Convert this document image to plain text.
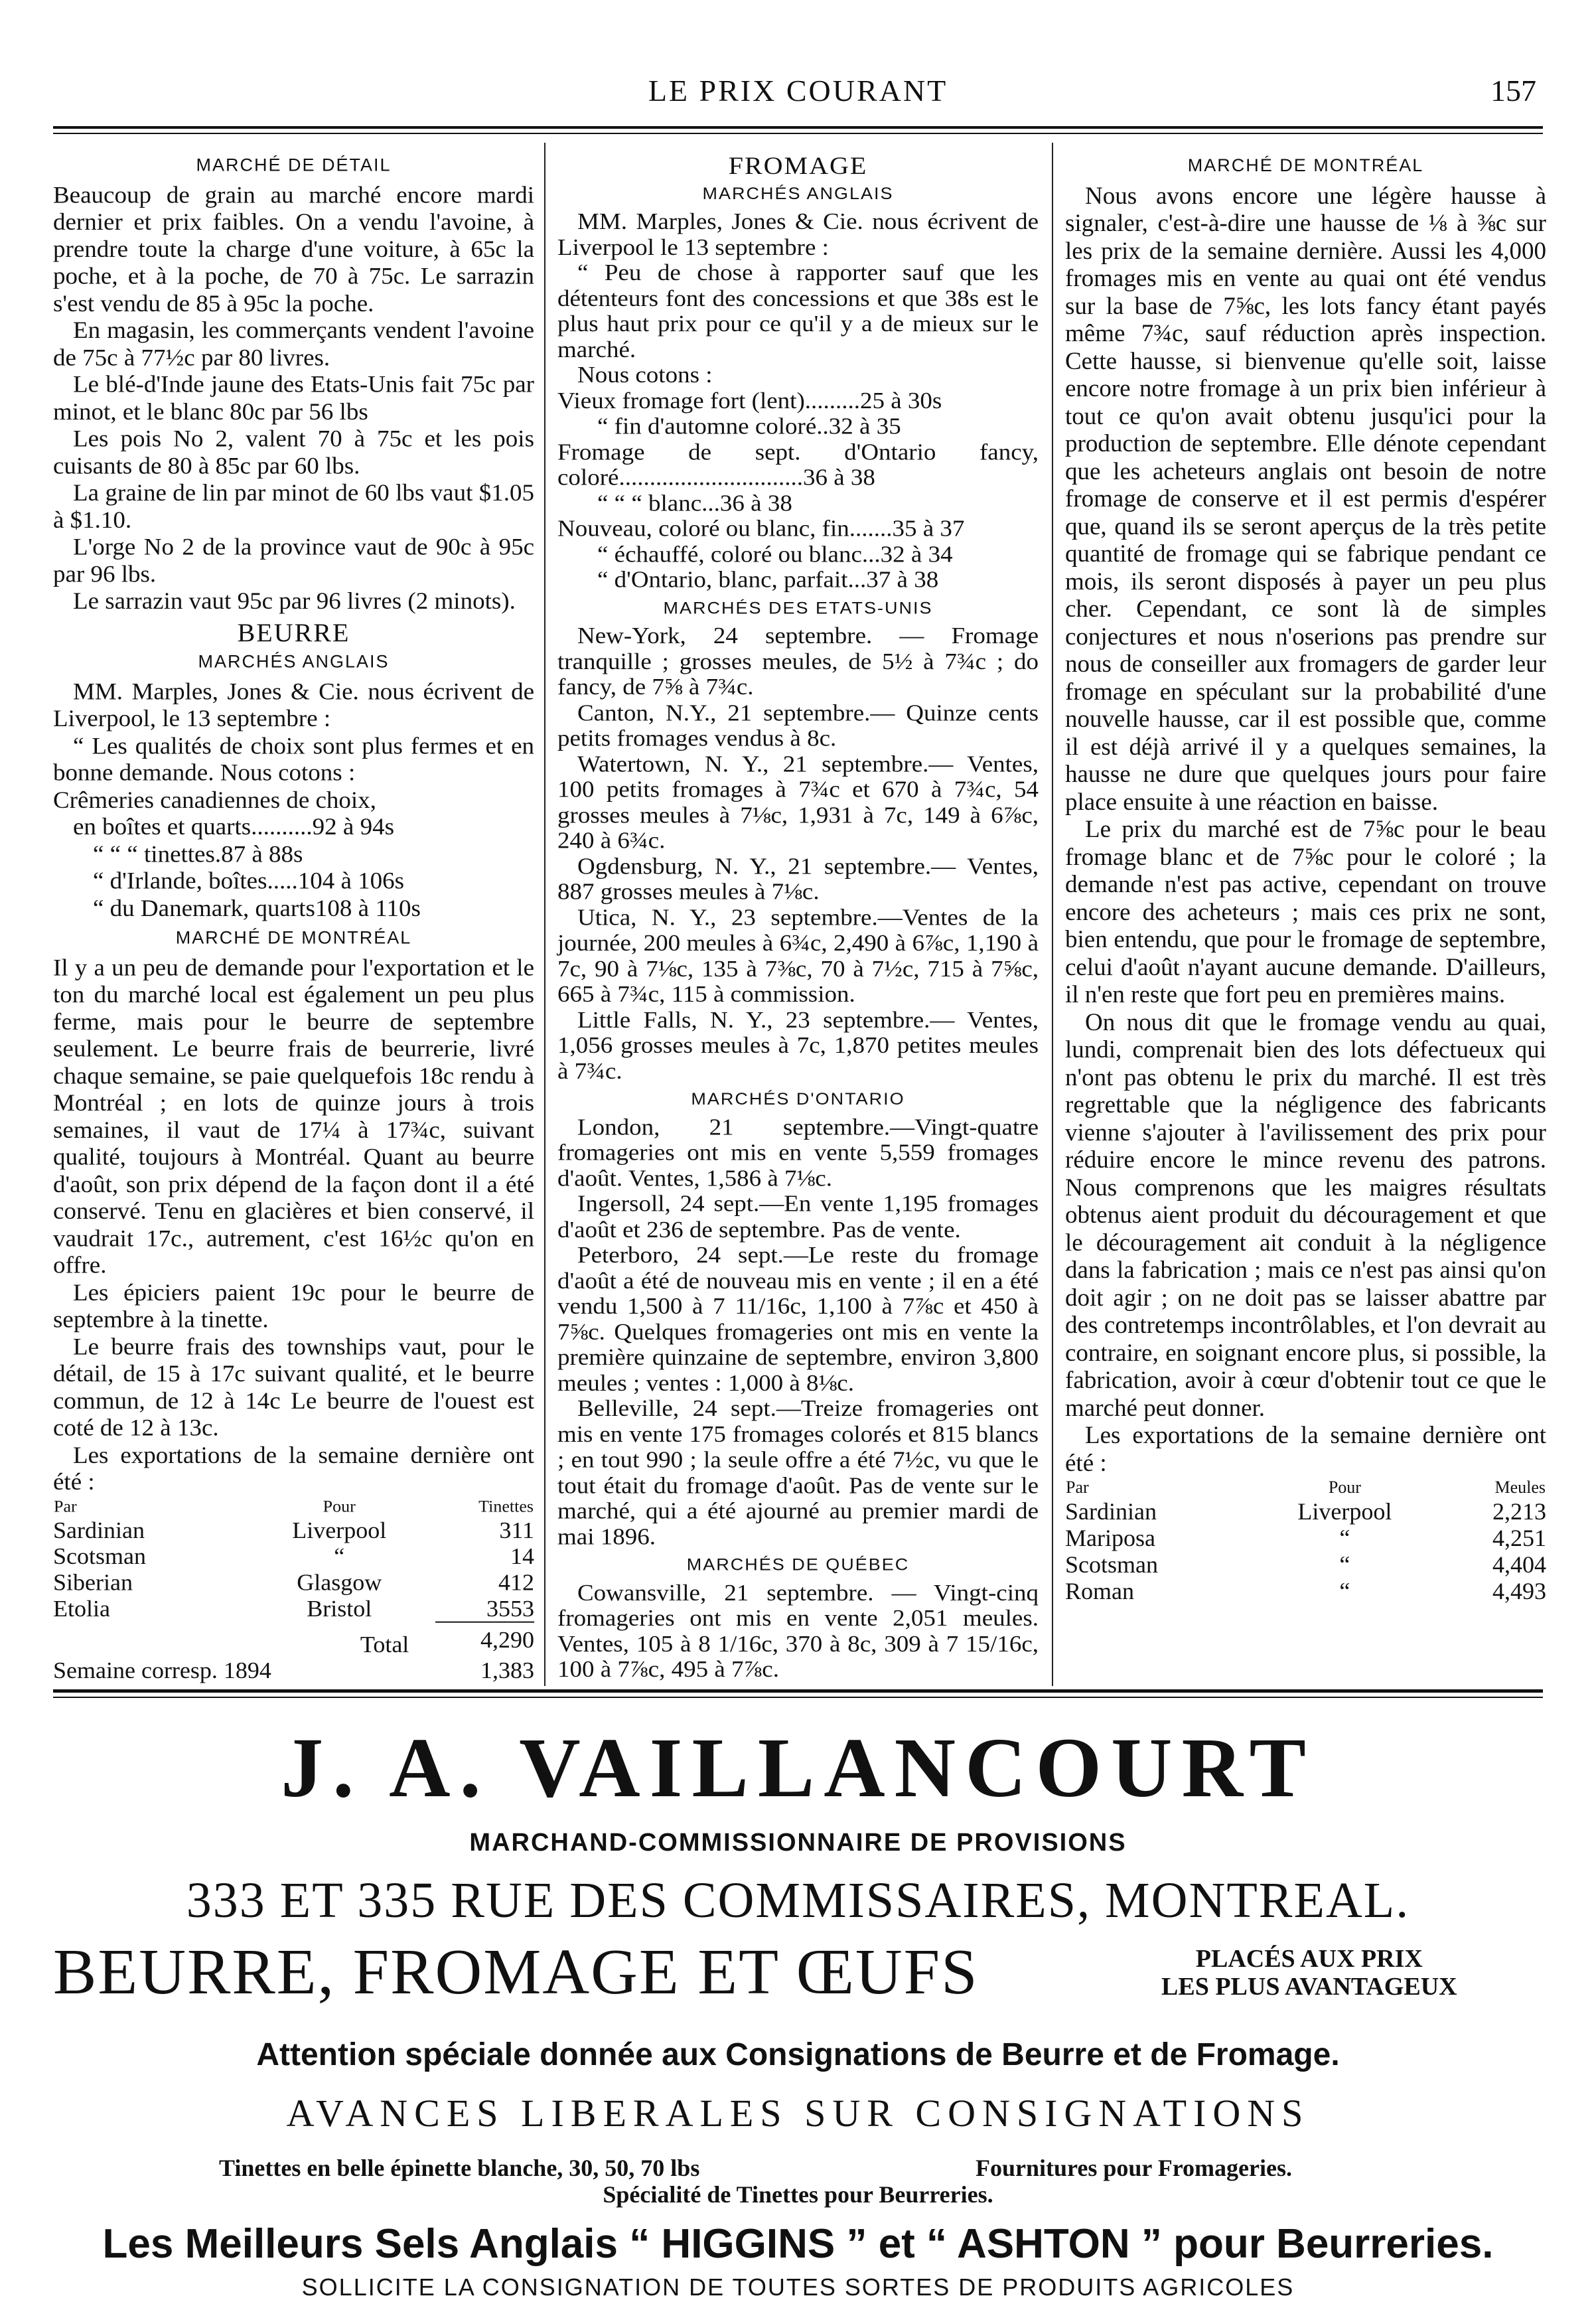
LE PRIX COURANT	157
MARCHÉ DE DÉTAIL

Beaucoup de grain au marché encore mardi dernier et prix faibles. On a vendu l'avoine, à prendre toute la charge d'une voiture, à 65c la poche, et à la poche, de 70 à 75c. Le sarrazin s'est vendu de 85 à 95c la poche.

En magasin, les commerçants vendent l'avoine de 75c à 77½c par 80 livres.

Le blé-d'Inde jaune des Etats-Unis fait 75c par minot, et le blanc 80c par 56 lbs

Les pois No 2, valent 70 à 75c et les pois cuisants de 80 à 85c par 60 lbs.

La graine de lin par minot de 60 lbs vaut $1.05 à $1.10.

L'orge No 2 de la province vaut de 90c à 95c par 96 lbs.

Le sarrazin vaut 95c par 96 livres (2 minots).

BEURRE
MARCHÉS ANGLAIS

MM. Marples, Jones & Cie. nous écrivent de Liverpool, le 13 septembre :

“ Les qualités de choix sont plus fermes et en bonne demande. Nous cotons :

Crêmeries canadiennes de choix,

en boîtes et quarts..........92 à 94s

“ “ “ tinettes.87 à 88s

“ d'Irlande, boîtes.....104 à 106s

“ du Danemark, quarts108 à 110s

MARCHÉ DE MONTRÉAL

Il y a un peu de demande pour l'exportation et le ton du marché local est également un peu plus ferme, mais pour le beurre de septembre seulement. Le beurre frais de beurrerie, livré chaque semaine, se paie quelquefois 18c rendu à Montréal ; en lots de quinze jours à trois semaines, il vaut de 17¼ à 17¾c, suivant qualité, toujours à Montréal. Quant au beurre d'août, son prix dépend de la façon dont il a été conservé. Tenu en glacières et bien conservé, il vaudrait 17c., autrement, c'est 16½c qu'on en offre.

Les épiciers paient 19c pour le beurre de septembre à la tinette.

Le beurre frais des townships vaut, pour le détail, de 15 à 17c suivant qualité, et le beurre commun, de 12 à 14c Le beurre de l'ouest est coté de 12 à 13c.

Les exportations de la semaine dernière ont été :

Par	Pour	Tinettes
Sardinian	Liverpool	311
Scotsman	“	14
Siberian	Glasgow	412
Etolia	Bristol	3553
	Total	4,290
Semaine corresp. 1894		1,383
FROMAGE
MARCHÉS ANGLAIS

MM. Marples, Jones & Cie. nous écrivent de Liverpool le 13 septembre :

“ Peu de chose à rapporter sauf que les détenteurs font des concessions et que 38s est le plus haut prix pour ce qu'il y a de mieux sur le marché.

Nous cotons :

Vieux fromage fort (lent).........25 à 30s

“ fin d'automne coloré..32 à 35

Fromage de sept. d'Ontario fancy, coloré..............................36 à 38

“ “ “ blanc...36 à 38

Nouveau, coloré ou blanc, fin.......35 à 37

“ échauffé, coloré ou blanc...32 à 34

“ d'Ontario, blanc, parfait...37 à 38

MARCHÉS DES ETATS-UNIS

New-York, 24 septembre. — Fromage tranquille ; grosses meules, de 5½ à 7¾c ; do fancy, de 7⅝ à 7¾c.

Canton, N.Y., 21 septembre.— Quinze cents petits fromages vendus à 8c.

Watertown, N. Y., 21 septembre.— Ventes, 100 petits fromages à 7¾c et 670 à 7¾c, 54 grosses meules à 7⅛c, 1,931 à 7c, 149 à 6⅞c, 240 à 6¾c.

Ogdensburg, N. Y., 21 septembre.— Ventes, 887 grosses meules à 7⅛c.

Utica, N. Y., 23 septembre.—Ventes de la journée, 200 meules à 6¾c, 2,490 à 6⅞c, 1,190 à 7c, 90 à 7⅛c, 135 à 7⅜c, 70 à 7½c, 715 à 7⅝c, 665 à 7¾c, 115 à commission.

Little Falls, N. Y., 23 septembre.— Ventes, 1,056 grosses meules à 7c, 1,870 petites meules à 7¾c.

MARCHÉS D'ONTARIO

London, 21 septembre.—Vingt-quatre fromageries ont mis en vente 5,559 fromages d'août. Ventes, 1,586 à 7⅛c.

Ingersoll, 24 sept.—En vente 1,195 fromages d'août et 236 de septembre. Pas de vente.

Peterboro, 24 sept.—Le reste du fromage d'août a été de nouveau mis en vente ; il en a été vendu 1,500 à 7 11/16c, 1,100 à 7⅞c et 450 à 7⅝c. Quelques fromageries ont mis en vente la première quinzaine de septembre, environ 3,800 meules ; ventes : 1,000 à 8⅛c.

Belleville, 24 sept.—Treize fromageries ont mis en vente 175 fromages colorés et 815 blancs ; en tout 990 ; la seule offre a été 7½c, vu que le tout était du fromage d'août. Pas de vente sur le marché, qui a été ajourné au premier mardi de mai 1896.

MARCHÉS DE QUÉBEC

Cowansville, 21 septembre. — Vingt-cinq fromageries ont mis en vente 2,051 meules. Ventes, 105 à 8 1/16c, 370 à 8c, 309 à 7 15/16c, 100 à 7⅞c, 495 à 7⅞c.

MARCHÉ DE MONTRÉAL

Nous avons encore une légère hausse à signaler, c'est-à-dire une hausse de ⅛ à ⅜c sur les prix de la semaine dernière. Aussi les 4,000 fromages mis en vente au quai ont été vendus sur la base de 7⅝c, les lots fancy étant payés même 7¾c, sauf réduction après inspection. Cette hausse, si bienvenue qu'elle soit, laisse encore notre fromage à un prix bien inférieur à tout ce qu'on avait obtenu jusqu'ici pour la production de septembre. Elle dénote cependant que les acheteurs anglais ont besoin de notre fromage de conserve et il est permis d'espérer que, quand ils se seront aperçus de la très petite quantité de fromage qui se fabrique pendant ce mois, ils seront disposés à payer un peu plus cher. Cependant, ce sont là de simples conjectures et nous n'oserions pas prendre sur nous de conseiller aux fromagers de garder leur fromage en spéculant sur la probabilité d'une nouvelle hausse, car il est possible que, comme il est déjà arrivé il y a quelques semaines, la hausse ne dure que quelques jours pour faire place ensuite à une réaction en baisse.

Le prix du marché est de 7⅝c pour le beau fromage blanc et de 7⅝c pour le coloré ; la demande n'est pas active, cependant on trouve encore des acheteurs ; mais ces prix ne sont, bien entendu, que pour le fromage de septembre, celui d'août n'ayant aucune demande. D'ailleurs, il n'en reste que fort peu en premières mains.

On nous dit que le fromage vendu au quai, lundi, comprenait bien des lots défectueux qui n'ont pas obtenu le prix du marché. Il est très regrettable que la négligence des fabricants vienne s'ajouter à l'avilissement des prix pour réduire encore le mince revenu des patrons. Nous comprenons que les maigres résultats obtenus aient produit du découragement et que le découragement ait conduit à la négligence dans la fabrication ; mais ce n'est pas ainsi qu'on doit agir ; on ne doit pas se laisser abattre par des contretemps incontrôlables, et l'on devrait au contraire, en soignant encore plus, si possible, la fabrication, avoir à cœur d'obtenir tout ce que le marché peut donner.

Les exportations de la semaine dernière ont été :

Par	Pour	Meules
Sardinian	Liverpool	2,213
Mariposa	“	4,251
Scotsman	“	4,404
Roman	“	4,493
J. A. VAILLANCOURT
MARCHAND-COMMISSIONNAIRE DE PROVISIONS
333 ET 335 RUE DES COMMISSAIRES, MONTREAL.
BEURRE, FROMAGE ET ŒUFS	PLACÉS AUX PRIX
LES PLUS AVANTAGEUX
Attention spéciale donnée aux Consignations de Beurre et de Fromage.
AVANCES LIBERALES SUR CONSIGNATIONS
Tinettes en belle épinette blanche, 30, 50, 70 lbs	Fournitures pour Fromageries.
Spécialité de Tinettes pour Beurreries.
Les Meilleurs Sels Anglais “ HIGGINS ” et “ ASHTON ” pour Beurreries.
SOLLICITE LA CONSIGNATION DE TOUTES SORTES DE PRODUITS AGRICOLES
